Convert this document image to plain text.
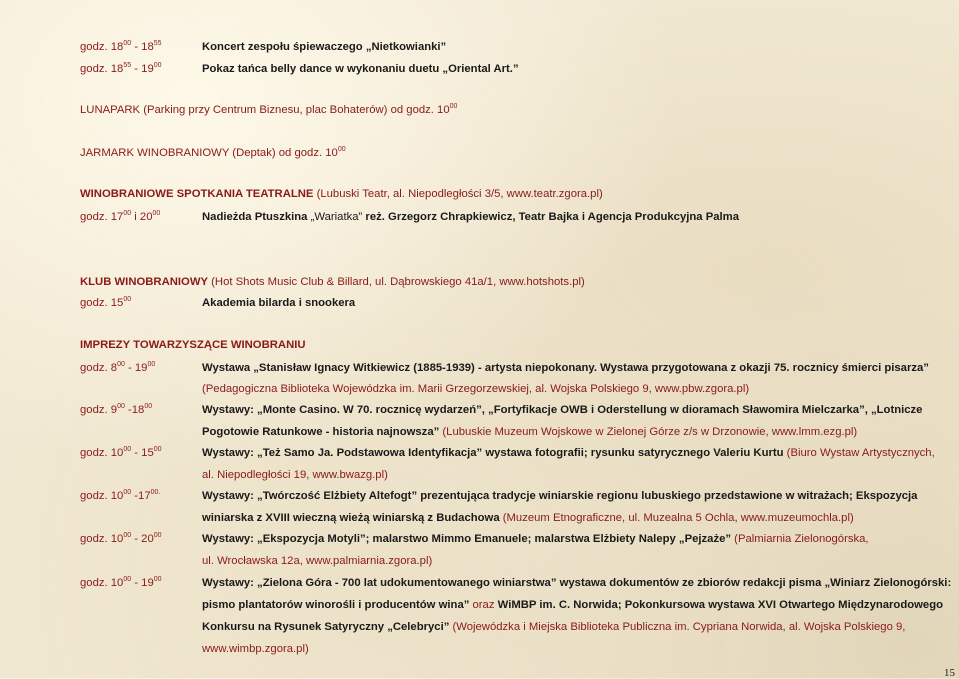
godz. $18^{00} - 18^{55}$	Koncert zespołu śpiewaczego „Nietkowianki”
godz. $18^{55} - 19^{00}$	Pokaz tańca belly dance w wykonaniu duetu „Oriental Art.”
LUNAPARK (Parking przy Centrum Biznesu, plac Bohaterów) od godz. $10^{00}$
JARMARK WINOBRANIOWY (Deptak) od godz. $10^{00}$
WINOBRANIOWE SPOTKANIA TEATRALNE (Lubuski Teatr, al. Niepodległości 3/5, www.teatr.zgora.pl)
godz. $17^{00}$ i $20^{00}$	Nadieżda Ptuszkina „Wariatka” reż. Grzegorz Chrapkiewicz, Teatr Bajka i Agencja Produkcyjna Palma
KLUB WINOBRANIOWY (Hot Shots Music Club & Billard, ul. Dąbrowskiego 41a/1, www.hotshots.pl)
godz. $15^{00}$	Akademia bilarda i snookera
IMPREZY TOWARZYSZĄCE WINOBRANIU
godz. $8^{00} - 19^{00}$	Wystawa „Stanisław Ignacy Witkiewicz (1885-1939) - artysta niepokonany. Wystawa przygotowana z okazji 75. rocznicy śmierci pisarza”
(Pedagogiczna Biblioteka Wojewódzka im. Marii Grzegorzewskiej, al. Wojska Polskiego 9, www.pbw.zgora.pl)
godz. $9^{00}$ $-18^{00}$	Wystawy: „Monte Casino. W 70. rocznicę wydarzeń”, „Fortyfikacje OWB i Oderstellung w dioramach Sławomira Mielczarka”, „Lotnicze
Pogotowie Ratunkowe - historia najnowsza” (Lubuskie Muzeum Wojskowe w Zielonej Górze z/s w Drzonowie, www.lmm.ezg.pl)
godz. $10^{00} - 15^{00}$	Wystawy: „Też Samo Ja. Podstawowa Identyfikacja” wystawa fotografii; rysunku satyrycznego Valeriu Kurtu (Biuro Wystaw Artystycznych,
al. Niepodległości 19, www.bwazg.pl)
godz. $10^{00}$ $-17^{00.}$	Wystawy: „Twórczość Elżbiety Altefogt” prezentująca tradycje winiarskie regionu lubuskiego przedstawione w witrażach; Ekspozycja
winiarska z XVIII wieczną wieżą winiarską z Budachowa (Muzeum Etnograficzne, ul. Muzealna 5 Ochla, www.muzeumochla.pl)
godz. $10^{00} - 20^{00}$	Wystawy: „Ekspozycja Motyli”; malarstwo Mimmo Emanuele; malarstwa Elżbiety Nalepy „Pejzaże” (Palmiarnia Zielonogórska,
ul. Wrocławska 12a, www.palmiarnia.zgora.pl)
godz. $10^{00} - 19^{00}$	Wystawy: „Zielona Góra - 700 lat udokumentowanego winiarstwa” wystawa dokumentów ze zbiorów redakcji pisma „Winiarz Zielonogórski:
pismo plantatorów winorośli i producentów wina” oraz WiMBP im. C. Norwida; Pokonkursowa wystawa XVI Otwartego Międzynarodowego
Konkursu na Rysunek Satyryczny „Celebryci” (Wojewódzka i Miejska Biblioteka Publiczna im. Cypriana Norwida, al. Wojska Polskiego 9,
www.wimbp.zgora.pl)
15
